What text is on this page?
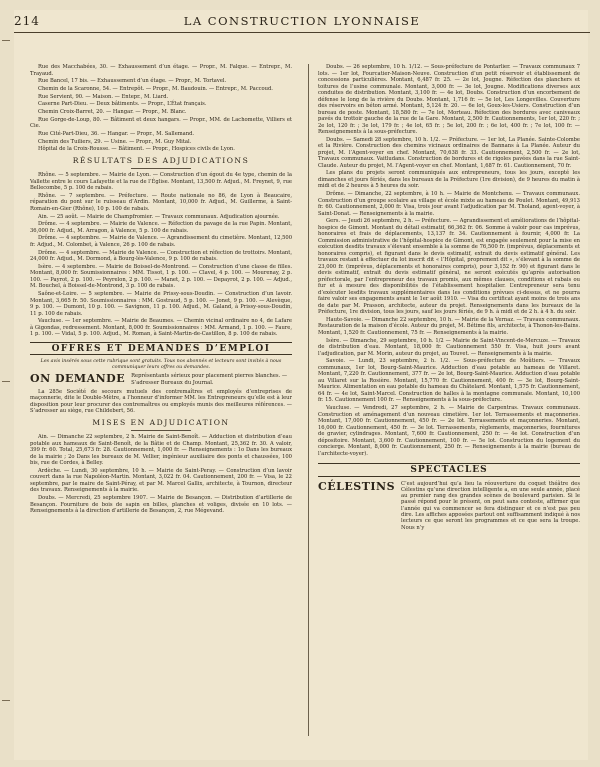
214	LA CONSTRUCTION LYONNAISE

Rue des Macchabées, 30. — Exhaussement d’un étage. — Propr., M. Falque. — Entrepr., M. Trayaud.

Rue Bancel, 17 bis. — Exhaussement d’un étage. — Propr., M. Tortavel.

Chemin de la Scaronne, 54. — Entrepôt. — Propr., M. Baudouin. — Entrepr., M. Paccoud.

Rue Servient, 90. — Maison. — Entepr., M. Liard.

Caserne Part-Dieu. — Deux bâtiments. — Propr., L’État français.

Chemin Croix-Barret, 20. — Hangar. — Propr., M. Blanc.

Rue Gorge-de-Loup, 80. — Bâtiment et deux hangars. — Propr., MM. de Lachomette, Villiers et Cie.

Rue Cité-Part-Dieu, 36. — Hangar. — Propr., M. Sallemand.

Chemin des Tuiliers, 29. — Usine. — Propr., M. Guy Mital.

Hôpital de la Croix-Rousse. — Bâtiment. — Propr., Hospices civils de Lyon.

RÉSULTATS DES ADJUDICATIONS

Rhône. — 5 septembre. — Mairie de Lyon. — Construction d’un égout du 4e type, chemin de la Vallette entre le cours Lafayette et la rue de l’Église. Montant, 13,500 fr. Adjud., M. Freynet, 9, rue Bellecombe, 5 p. 100 de rabais.

Rhône. — 7 septembre. — Préfecture. — Route nationale no 86, de Lyon à Beaucaire, réparation du pont sur le ruisseau d’Ardin. Montant, 10,000 fr. Adjud., M. Guillerme, à Saint-Romain-en-Gier (Rhône), 10 p. 100 de rabais.

Ain. — 25 août. — Mairie de Champfromier. — Travaux communaux. Adjudication ajournée.

Drôme. — 4 septembre. — Mairie de Valence. — Réfection du pavage de la rue Papin. Montant, 36,000 fr. Adjud., M. Arragon, à Valence, 5 p. 100 de rabais.

Drôme. — 4 septembre. — Mairie de Valence. — Agrandissement du cimetière. Montant, 12,500 fr. Adjud., M. Colombet, à Valence, 26 p. 100 de rabais.

Drôme. — 4 septembre. — Mairie de Valence. — Construction et réfection de trottoirs. Montant, 24,000 fr. Adjud., M. Dormond, à Bourg-lès-Valence, 9 p. 100 de rabais.

Isère. — 4 septembre. — Mairie de Boissel-de-Montrond. — Construction d’une classe de filles. Montant, 8,000 fr. Soumissionnaires : MM. Tissot, 1 p. 100. — Clavel, 4 p. 100. — Mourenay, 2 p. 100. — Payrot, 2 p. 100. — Peyrelon, 2 p. 100. — Manet, 2 p. 100. — Depayrot, 2 p. 100. — Adjud., M. Bouchel, à Boissel-de-Montrond, 3 p. 100 de rabais.

Saône-et-Loire. — 5 septembre. — Mairie de Prissy-sous-Doudin. — Construction d’un lavoir. Montant, 3,665 fr. 50. Soumissionnaires : MM. Gostraud, 5 p. 100. — Jonet, 9 p. 100. — Alevèque, 9 p. 100. — Dumont, 10 p. 100. — Savignon, 11 p. 100. Adjud., M. Galand, à Prissy-sous-Doudin, 11 p. 100 de rabais.

Vaucluse. — 1er septembre. — Mairie de Beaumes. — Chemin vicinal ordinaire no 4, de Lafare à Gigondas, redressement. Montant, 8,000 fr. Soumissionnaires : MM. Armand, 1 p. 100. — Faure, 1 p. 100. — Vidal, 5 p. 100. Adjud., M. Roman, à Saint-Martin-de-Castillon, 8 p. 100 de rabais.

OFFRES ET DEMANDES D’EMPLOI
Les avis insérés sous cette rubrique sont gratuits. Tous nos abonnés et lecteurs sont invités à nous communiquer leurs offres ou demandes.
ON DEMANDE Représentants sérieux pour placement pierres blanches. — S’adresser Bureaux du Journal.

La 285e Société de secours mutuels des contremaîtres et employés d’entreprises de maçonnerie, dite le Double-Mètre, a l’honneur d’informer MM. les Entrepreneurs qu’elle est à leur disposition pour leur procurer des contremaîtres ou employés munis des meilleures références. — S’adresser au siège, rue Childebert, 56.

MISES EN ADJUDICATION

Ain. — Dimanche 22 septembre, 2 h. Mairie de Saint-Benoît. — Adduction et distribution d’eau potable aux hameaux de Saint-Benoît, de la Bâtie et de Champ. Montant, 25,362 fr. 30. A valoir, 399 fr. 60. Total, 25,673 fr. 28. Cautionnement, 1,000 fr. — Renseignements : 1o Dans les bureaux de la mairie ; 2o Dans les bureaux de M. Vellier, ingénieur auxiliaire des ponts et chaussées, 100 bis, rue de Cordes, à Belley.

Ardèche. — Lundi, 30 septembre, 10 h. — Mairie de Saint-Peray. — Construction d’un lavoir couvert dans la rue Napoléon-Martin. Montant, 3,022 fr. 04. Cautionnement, 200 fr. — Visa, le 22 septembre, par le maire de Saint-Péray, et par M. Marcel Gallix, architecte, à Tournon, directeur des travaux. Renseignements à la mairie.

Doubs. — Mercredi, 25 septembre 1907. — Mairie de Besançon. — Distribution d’artillerie de Besançon. Fourniture de bois de sapin en billes, planches et voliges, divisée en 10 lots. — Renseignements à la direction d’artillerie de Besançon, 2, rue Mégevand.

Doubs. — 26 septembre, 10 h. 1/12. — Sous-préfecture de Pontarlier. — Travaux communaux 7 lots. — 1er lot, Fourcatier-Maison-Neuve. Construction d’un petit réservoir et établissement de concessions particulières. Montant, 6,487 fr. 25. — 2e lot, Jougne. Réfection des planchers et toitures de l’usine communale. Montant, 3,000 fr. — 3e lot, Jougne. Modifications diverses aux conduites de distribution. Montant, 3,100 fr. — 4e lot, Doubs. Construction d’un encorbement de défense le long de la rivière du Doubs. Montant, 1,716 fr. — 5e lot, Les Longevilles. Couverture des réservoirs en béton armé. Montant, 5,124 fr. 20. — 6e lot, Goux-les-Usiers. Construction d’un bureau de poste. Montant, 18,580 fr. — 7e lot, Morteau. Réfection des bordures avec caniveaux pavés du trottoir gauche de la rue de la Gare. Montant, 2,500 fr. Cautionnements, 1er lot, 220 fr. ; 2e lot, 120 fr. ; 3e lot, 179 fr. ; 4e lot, 65 fr. ; 5e lot, 200 fr. ; 6e lot, 400 fr. ; 7e lot, 100 fr. — Renseignements à la sous-préfecture.

Doubs. — Samedi 28 septembre, 10 h. 1/2. — Préfecture. — 1er lot, La Planée. Sainte-Colombe et la Rivière. Construction des chemins vicinaux ordinaires de Bannans à La Planée. Auteur du projet, M. l’Agent-voyer en chef. Montant, 70,638 fr. 33. Cautionnement, 2,500 fr. — 2e lot, Travaux communaux. Vaitludans. Construction de bordures et de rigoles pavées dans la rue Saint-Claude. Auteur du projet, M. l’Agent-voyer en chef. Montant, 1,687 fr. 61. Cautionnement, 70 fr.

Les plans du projets seront communiqués aux entrepreneurs, tous les jours, excepté les dimanches et jours fériés, dans les bureaux de la Préfecture (1re division), de 9 heures du matin à midi et de 2 heures à 5 heures du soir.

Drôme. — Dimanche, 22 septembre, à 10 h. — Mairie de Montchenu. — Travaux communaux. Construction d’un groupe scolaire au village et école mixte au hameau de Poulet. Montant, 49,913 fr. 60. Cautionnement, 2,000 fr. Visa, trois jour avant l’adjudication par M. Tholand, agent-voyer, à Saint-Donat. — Renseignements à la mairie.

Gers. — Jeudi 26 septembre, 2 h. — Préfecture. — Agrandissement et améliorations de l’hôpital-hospice de Gimont. Montant du détail estimatif, 66,362 fr. 06. Somme à valoir pour cas imprévus, honoraires et frais de déplacements, 13,137 fr. 34. Cautionnement à fournir, 4,000 fr. La Commission administrative de l’hôpital-hospice de Gimont, est engagée seulement pour la mise en exécution desdits travaux s’élevant ensemble à la somme de 76,500 fr. (imprévus, déplacements et honoraires compris), et figurant dans le devis estimatif, extrait du devis estimatif général. Les travaux restant à effectuer du lot inscrit dit « l’Hôpital, proprement dit », s’élevant à la somme de 23,000 fr. (imprévus, déplacements et honoraires compris), pour 3,152 fr. 90) et figurant dans le devis estimatif, extrait du devis estimatif général, ne seront exécutés qu’après autorisation préfectorale, par l’entrepreneur des travaux promis, aux mêmes clauses, conditions et rabais ou fur et à mesure des disponibilités de l’établissement hospitalier. L’entrepreneur sera tenu d’exécuter lesdits travaux supplémentaires dans les conditions prévues ci-dessus, et ne pourra faire valoir ses engagements avant le 1er août 1910. — Visa du certificat ayant moins de trois ans de date par M. Prasson, architecte, auteur du projet. Renseignements dans les bureaux de la Préfecture, 1re division, tous les jours, sauf les jours fériés, de 9 h. à midi et de 2 h. à 4 h. du soir.

Haute-Savoie. — Dimanche 22 septembre, 10 h. — Mairie de la Vernaz. — Travaux communaux. Restauration de la maison d’école. Auteur du projet, M. Bétime fils, architecte, à Thonon-les-Bains. Montant, 1,520 fr. Cautionnement, 75 fr. — Renseignements à la mairie.

Isère. — Dimanche, 29 septembre, 10 h. 1/2 — Mairie de Saint-Vincent-de-Mercuze. — Travaux de distribution d’eau. Montant, 18,000 fr. Cautionnement 550 fr. Visa, huit jours avant l’adjudication, par M. Morin, auteur du projet, au Touvet. — Renseignements à la mairie.

Savoie. — Lundi, 23 septembre, 2 h. 1/2. — Sous-préfecture de Moûtiers. — Travaux communaux, 1er lot, Bourg-Saint-Maurice. Adduction d’eau potable au hameau de Villaret. Montant, 7,220 fr. Cautionnement, 377 fr. — 2e lot, Bourg-Saint-Maurice. Adduction d’eau potable au Villaret sur la Rosière. Montant, 15,770 fr. Cautionnement, 400 fr. — 3e lot, Bourg-Saint-Maurice. Alimentation en eau potable du hameau du Châtelard. Montant, 1,575 fr. Cautionnement, 64 fr. — 4e lot, Saint-Marcel. Construction de halles à la montagne communale. Montant, 10,100 fr. 15. Cautionnement 100 fr. — Renseignements à la sous-préfecture.

Vaucluse. — Vendredi, 27 septembre, 2 h. — Mairie de Carpentras. Travaux communaux. Construction et aménagement d’un nouveau cimetière. 1er lot. Terrassements et maçonneries. Montant, 17,000 fr. Cautionnement, 450 fr. — 2e lot. Terrassements et maçonneries. Montant, 16,000 fr. Cautionnement, 450 fr. — 3e lot. Terrassements, règlements, maçonneries, fournitures de gravier, cylindrages. Montant, 7,600 fr. Cautionnement, 250 fr. — 4e lot. Construction d’un dépositoire. Montant, 3,600 fr. Cautionnement, 100 fr. — 5e lot. Construction du logement du concierge. Montant, 8,000 fr. Cautionnement, 250 fr. — Renseignements à la mairie (bureau de l’architecte-voyer).

SPECTACLES
CÉLESTINS C’est aujourd’hui qu’a lieu la réouverture du coquet théâtre des Célestins qu’une direction intelligente a, en une seule année, placé au premier rang des grandes scènes de boulevard parisien. Si le passé répond pour le présent, on peut sans conteste, affirmer que l’année qui va commencer se fera distinguer et ce n’est pas peu dire. Les affiches apposées partout ont suffisamment indiqué à nos lecteurs ce que seront les programmes et ce que sera la troupe. Nous n’y
